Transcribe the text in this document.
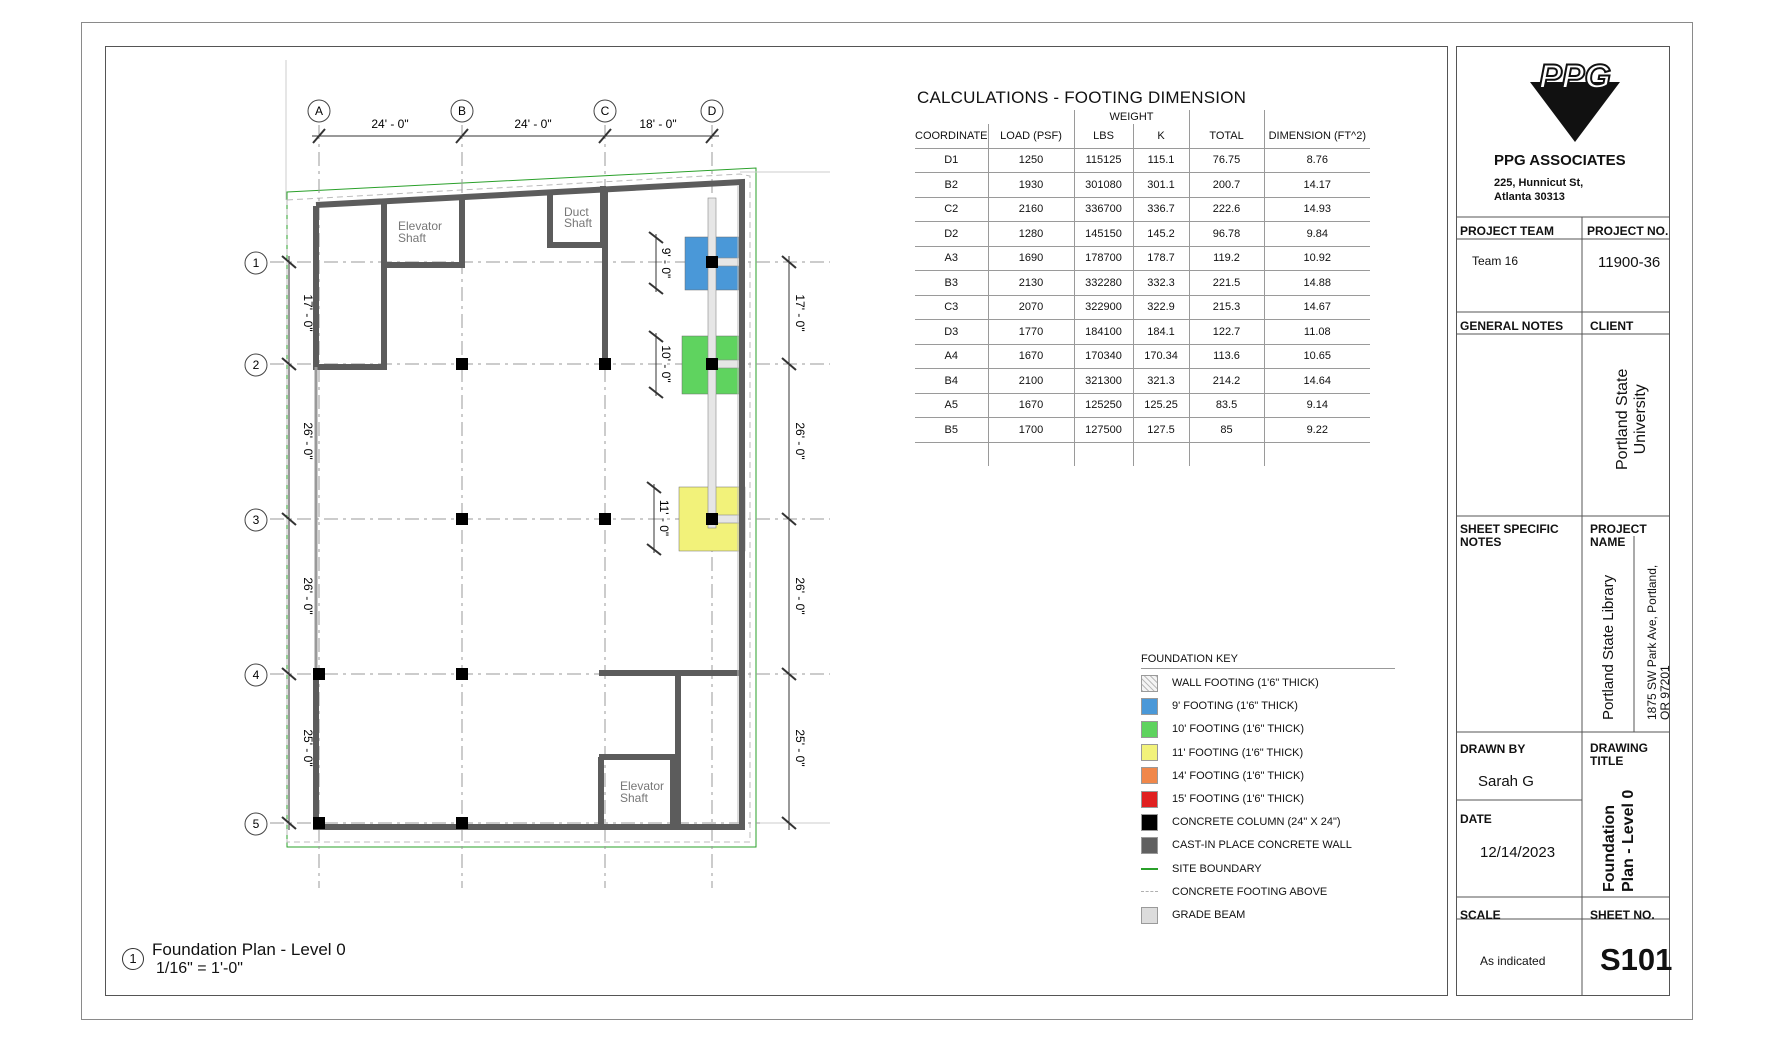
Elevator
Shaft
Duct
Shaft
Elevator
Shaft
A	B	C	D
1
2
3
4
5
24' - 0"	24' - 0"	18' - 0"
17' - 0"
26' - 0"
26' - 0"
25' - 0"
17' - 0"
26' - 0"
26' - 0"
25' - 0"
9' - 0"
10' - 0"
11' - 0"
1 Foundation Plan - Level 0
1/16" = 1'-0"
CALCULATIONS - FOOTING DIMENSION
		WEIGHT			
COORDINATE	LOAD (PSF)	LBS	K	TOTAL	DIMENSION (FT^2)
D1	1250	115125	115.1	76.75	8.76
B2	1930	301080	301.1	200.7	14.17
C2	2160	336700	336.7	222.6	14.93
D2	1280	145150	145.2	96.78	9.84
A3	1690	178700	178.7	119.2	10.92
B3	2130	332280	332.3	221.5	14.88
C3	2070	322900	322.9	215.3	14.67
D3	1770	184100	184.1	122.7	11.08
A4	1670	170340	170.34	113.6	10.65
B4	2100	321300	321.3	214.2	14.64
A5	1670	125250	125.25	83.5	9.14
B5	1700	127500	127.5	85	9.22

FOUNDATION KEY
WALL FOOTING (1'6" THICK)
9' FOOTING (1'6" THICK)
10' FOOTING (1'6" THICK)
11' FOOTING (1'6" THICK)
14' FOOTING (1'6" THICK)
15' FOOTING (1'6" THICK)
CONCRETE COLUMN (24" X 24")
CAST-IN PLACE CONCRETE WALL
SITE BOUNDARY
CONCRETE FOOTING ABOVE
GRADE BEAM
PPG
PPG ASSOCIATES
225, Hunnicut St,
Atlanta 30313
PROJECT TEAM
Team 16
PROJECT NO.
11900-36
GENERAL NOTES CLIENT
Portland State University
SHEET SPECIFIC
NOTES
PROJECT
NAME
Portland State Library 1875 SW Park Ave, Portland, OR 97201
DRAWN BY
Sarah G
DRAWING
TITLE
Foundation Plan - Level 0
DATE
12/14/2023
SCALE
As indicated
SHEET NO.
S101
